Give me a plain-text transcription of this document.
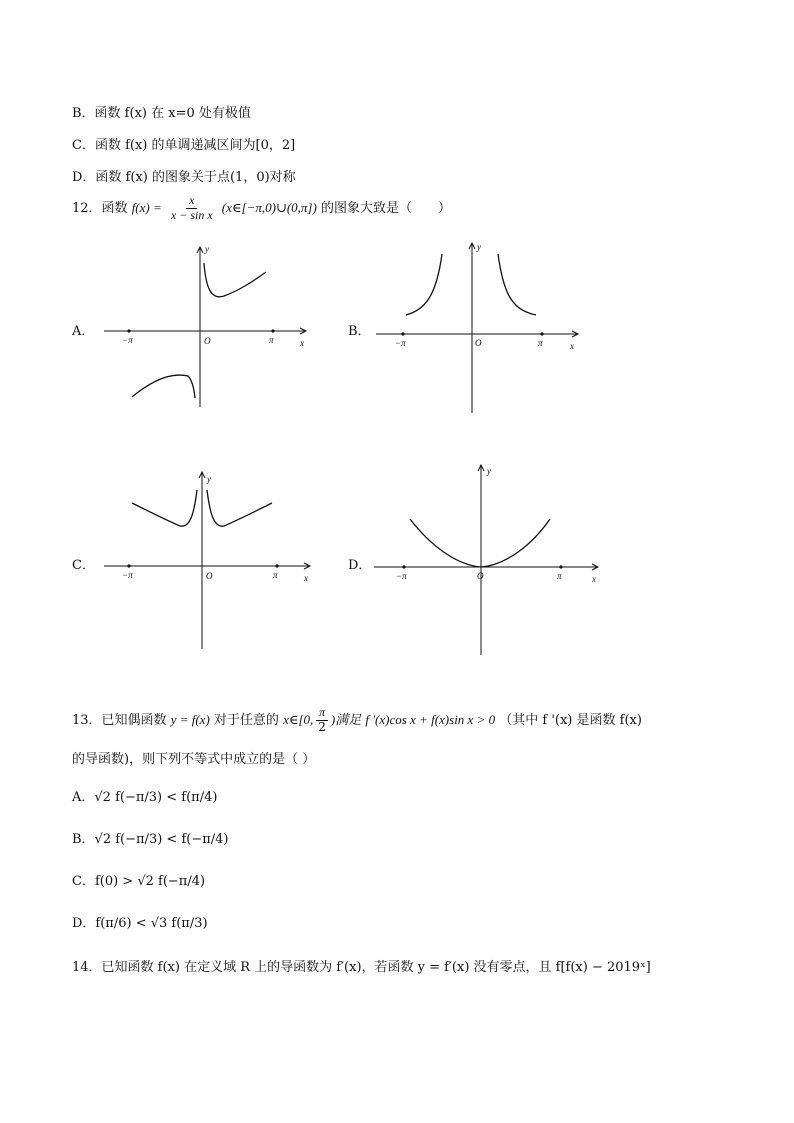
B．函数 f(x) 在 x=0 处有极值
C．函数 f(x) 的单调递减区间为[0，2]
D．函数 f(x) 的图象关于点(1，0)对称
12．函数 $f(x) = \frac{x}{\text{x − sin x}}$ (x∈[−π,0)∪(0,π]) 的图象大致是（　　）
A．	B．
C．	D．
−π	π
O	x
y
−π	π
O	x
y
−π	π
O	x
y
−π	π
O	x
y
13．已知偶函数 y = f(x) 对于任意的 x∈[0, $\frac{\pi}{2}$ )满足 f '(x)cos x + f(x)sin x > 0 （其中 f '(x) 是函数 f(x)
的导函数)，则下列不等式中成立的是（ ）
A．√2 f(−π/3) < f(π/4)
B．√2 f(−π/3) < f(−π/4)
C．f(0) > √2 f(−π/4)
D．f(π/6) < √3 f(π/3)
14．已知函数 f(x) 在定义域 R 上的导函数为 f′(x)，若函数 y = f′(x) 没有零点，且 f[f(x) − 2019ˣ]
